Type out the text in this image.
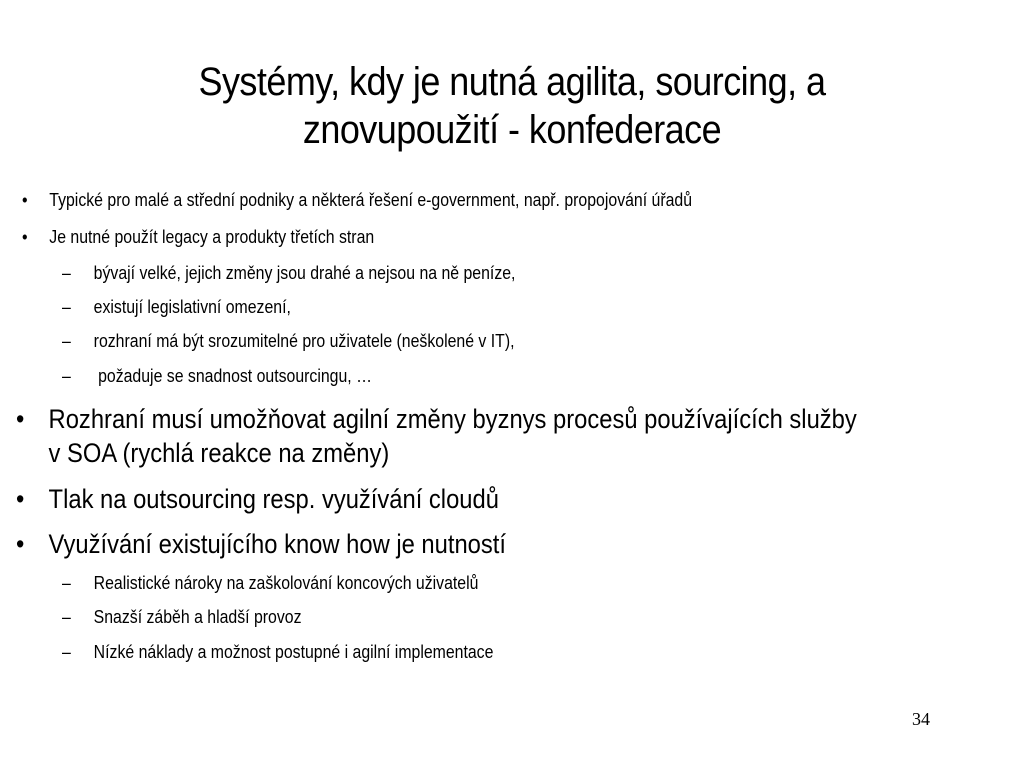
Systémy, kdy je nutná agilita, sourcing, a
znovupoužití - konfederace
• Typické pro malé a střední podniky a některá řešení e-government, např. propojování úřadů
• Je nutné použít legacy a produkty třetích stran
– bývají velké, jejich změny jsou drahé a nejsou na ně peníze,
– existují legislativní omezení,
– rozhraní má být srozumitelné pro uživatele (neškolené v IT),
– požaduje se snadnost outsourcingu, …
• Rozhraní musí umožňovat agilní změny byznys procesů používajících služby
v SOA (rychlá reakce na změny)
• Tlak na outsourcing resp. využívání cloudů
• Využívání existujícího know how je nutností
– Realistické nároky na zaškolování koncových uživatelů
– Snazší záběh a hladší provoz
– Nízké náklady a možnost postupné i agilní implementace
34
